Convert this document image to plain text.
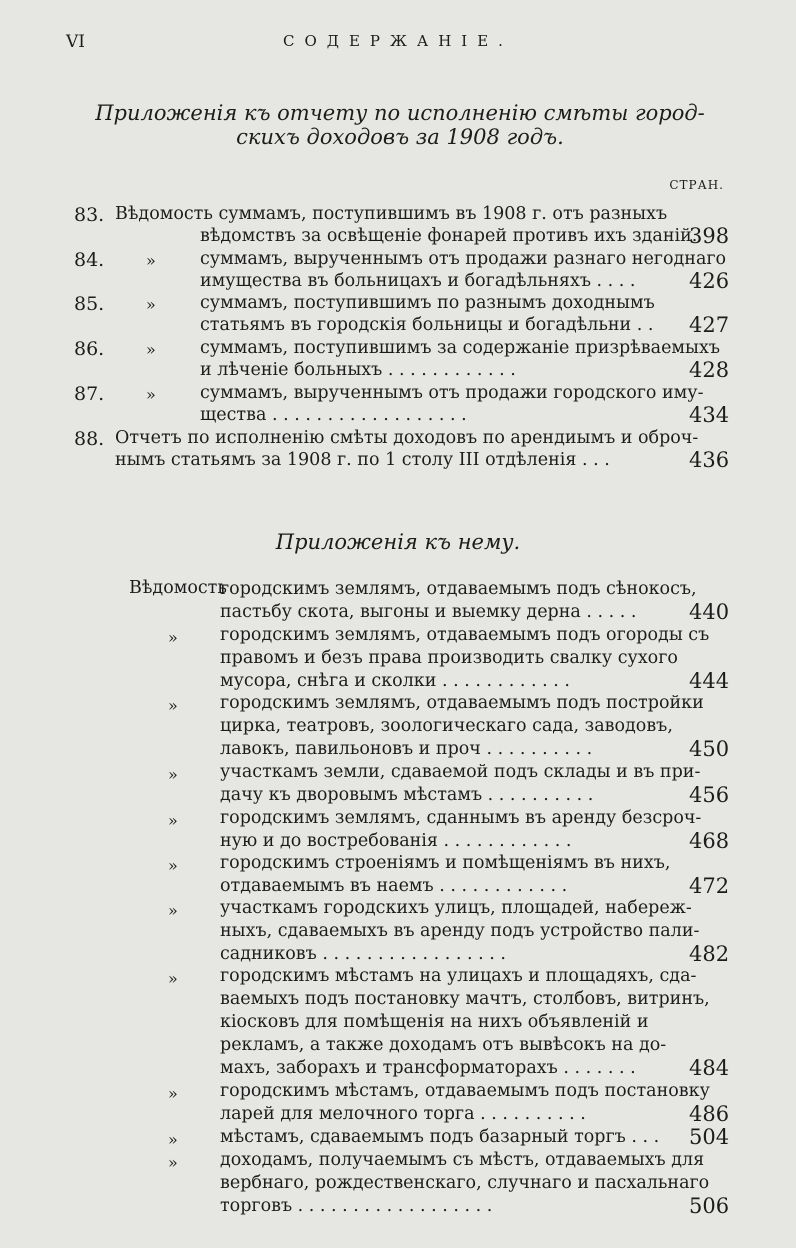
VI	СОДЕРЖАНІЕ.
Приложенія къ отчету по исполненію смѣты город-
скихъ доходовъ за 1908 годъ.
СТРАН.
83. Вѣдомость суммамъ, поступившимъ въ 1908 г. отъ разныхъ
вѣдомствъ за освѣщеніе фонарей противъ ихъ зданій.
398
84.	»	суммамъ, вырученнымъ отъ продажи разнаго негоднаго
имущества въ больницахъ и богадѣльняхъ . . . .	426
85.	»	суммамъ, поступившимъ по разнымъ доходнымъ
статьямъ въ городскія больницы и богадѣльни . . 427
86.	»	суммамъ, поступившимъ за содержаніе призрѣваемыхъ
и лѣченіе больныхъ . . . . . . . . . . . .	428
87.	»	суммамъ, вырученнымъ отъ продажи городского иму-
щества . . . . . . . . . . . . . . . . . .	434
88. Отчетъ по исполненію смѣты доходовъ по арендиымъ и оброч-
нымъ статьямъ за 1908 г. по 1 столу III отдѣленія . . .	436
Приложенія къ нему.
Вѣдомость
городскимъ землямъ, отдаваемымъ подъ сѣнокосъ,
пастьбу скота, выгоны и выемку дерна . . . . .	440
» городскимъ землямъ, отдаваемымъ подъ огороды съ
правомъ и безъ права производить свалку сухого
мусора, снѣга и сколки . . . . . . . . . . . .	444
» городскимъ землямъ, отдаваемымъ подъ постройки
цирка, театровъ, зоологическаго сада, заводовъ,
лавокъ, павильоновъ и проч . . . . . . . . . .	450
» участкамъ земли, сдаваемой подъ склады и въ при-
дачу къ дворовымъ мѣстамъ . . . . . . . . . .	456
» городскимъ землямъ, сданнымъ въ аренду безсроч-
ную и до востребованія . . . . . . . . . . . .	468
» городскимъ строеніямъ и помѣщеніямъ въ нихъ,
отдаваемымъ въ наемъ . . . . . . . . . . . .	472
» участкамъ городскихъ улицъ, площадей, набереж-
ныхъ, сдаваемыхъ въ аренду подъ устройство пали-
садниковъ . . . . . . . . . . . . . . . . .	482
» городскимъ мѣстамъ на улицахъ и площадяхъ, сда-
ваемыхъ подъ постановку мачтъ, столбовъ, витринъ,
кіосковъ для помѣщенія на нихъ объявленій и
рекламъ, а также доходамъ отъ вывѣсокъ на до-
махъ, заборахъ и трансформаторахъ . . . . . . .	484
» городскимъ мѣстамъ, отдаваемымъ подъ постановку
ларей для мелочного торга . . . . . . . . . .	486
» мѣстамъ, сдаваемымъ подъ базарный торгъ . . . 504
» доходамъ, получаемымъ съ мѣстъ, отдаваемыхъ для
вербнаго, рождественскаго, случнаго и пасхальнаго
торговъ . . . . . . . . . . . . . . . . . .	506
